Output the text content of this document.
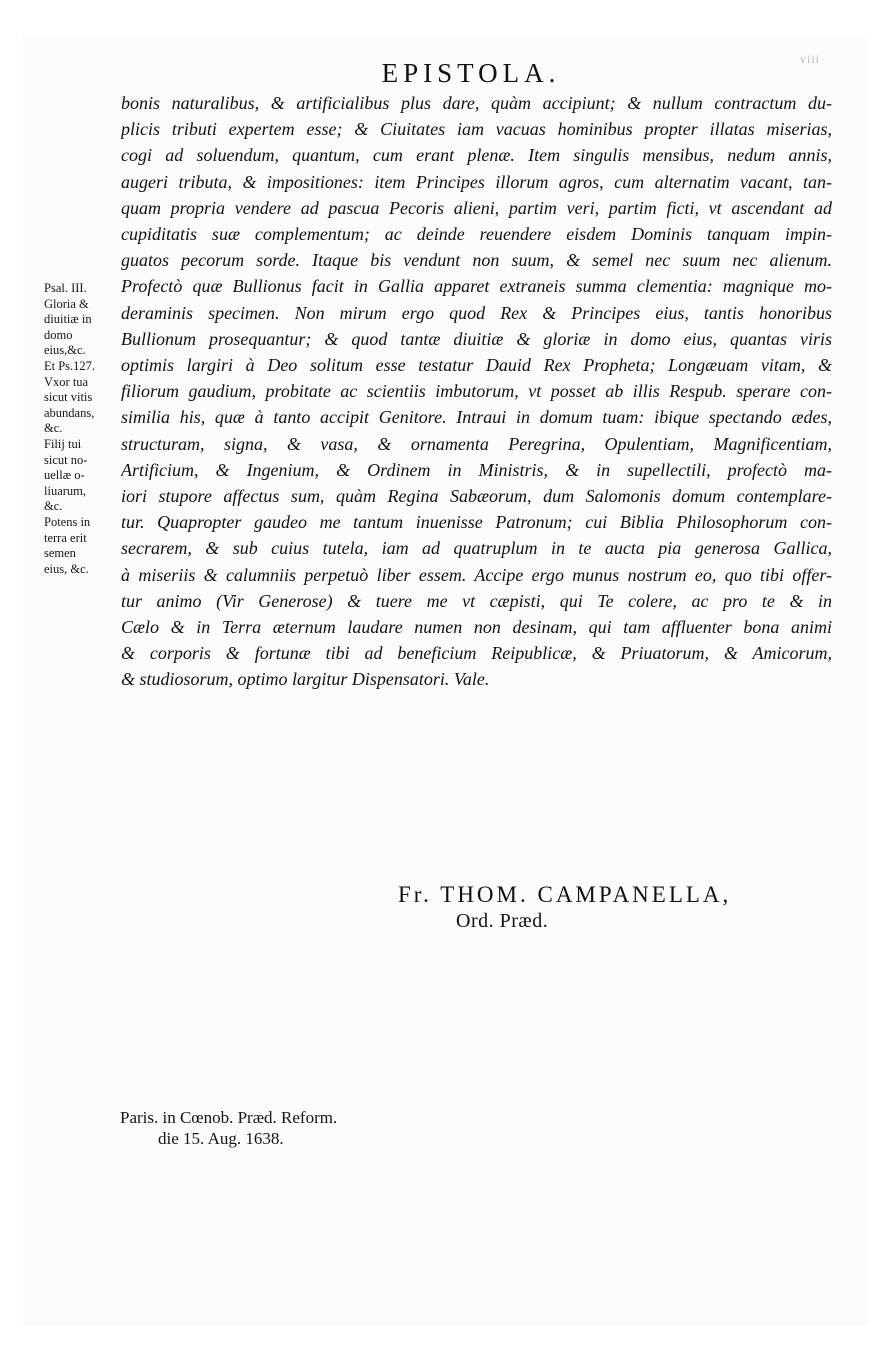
viii
EPISTOLA.
Psal. III.
Gloria &
diuitiæ in
domo
eius,&c.
Et Ps.127.
Vxor tua
sicut vitis
abundans,
&c.
Filij tui
sicut no-
uellæ o-
liuarum,
&c.
Potens in
terra erit
semen
eius, &c.
bonis naturalibus, & artificialibus plus dare, quàm accipiunt; & nullum contractum du-
plicis tributi expertem esse; & Ciuitates iam vacuas hominibus propter illatas miserias,
cogi ad soluendum, quantum, cum erant plenæ. Item singulis mensibus, nedum annis,
augeri tributa, & impositiones: item Principes illorum agros, cum alternatim vacant, tan-
quam propria vendere ad pascua Pecoris alieni, partim veri, partim ficti, vt ascendant ad
cupiditatis suæ complementum; ac deinde reuendere eisdem Dominis tanquam impin-
guatos pecorum sorde. Itaque bis vendunt non suum, & semel nec suum nec alienum.
Profectò quæ Bullionus facit in Gallia apparet extraneis summa clementia: magnique mo-
deraminis specimen. Non mirum ergo quod Rex & Principes eius, tantis honoribus
Bullionum prosequantur; & quod tantæ diuitiæ & gloriæ in domo eius, quantas viris
optimis largiri à Deo solitum esse testatur Dauid Rex Propheta; Longæuam vitam, &
filiorum gaudium, probitate ac scientiis imbutorum, vt posset ab illis Respub. sperare con-
similia his, quæ à tanto accipit Genitore. Intraui in domum tuam: ibique spectando ædes,
structuram, signa, & vasa, & ornamenta Peregrina, Opulentiam, Magnificentiam,
Artificium, & Ingenium, & Ordinem in Ministris, & in supellectili, profectò ma-
iori stupore affectus sum, quàm Regina Sabæorum, dum Salomonis domum contemplare-
tur. Quapropter gaudeo me tantum inuenisse Patronum; cui Biblia Philosophorum con-
secrarem, & sub cuius tutela, iam ad quatruplum in te aucta pia generosa Gallica,
à miseriis & calumniis perpetuò liber essem. Accipe ergo munus nostrum eo, quo tibi offer-
tur animo (Vir Generose) & tuere me vt cæpisti, qui Te colere, ac pro te & in
Cælo & in Terra æternum laudare numen non desinam, qui tam affluenter bona animi
& corporis & fortunæ tibi ad beneficium Reipublicæ, & Priuatorum, & Amicorum,
& studiosorum, optimo largitur Dispensatori. Vale.
Fr. THOM. CAMPANELLA,
Ord. Præd.
Paris. in Cœnob. Præd. Reform.
die 15. Aug. 1638.
